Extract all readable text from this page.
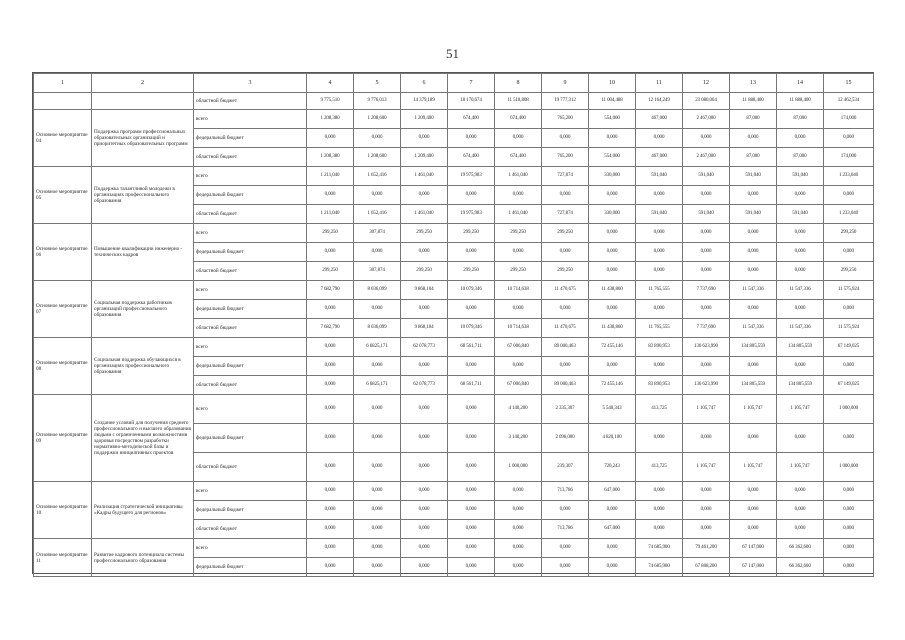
51
1	2	3	4	5	6	7	8	9	10	11	12	13	14	15
		областной бюджет	9 775,510	9 776,013	14 379,189	18 170,674	11 518,808	19 777,312	11 004,488	12 164,249	23 080,064	11 888,400	11 888,400	12 462,534
Основное мероприятие 04	Поддержка программ профессиональных образовательных организаций и приоритетных образовательных программ	всего	1 208,380	1 208,600	1 209,400	674,400	674,400	765,200	554,000	467,000	2 467,000	87,000	87,000	174,000
		федеральный бюджет	0,000	0,000	0,000	0,000	0,000	0,000	0,000	0,000	0,000	0,000	0,000	0,000
		областной бюджет	1 208,380	1 208,600	1 209,400	674,400	674,400	765,200	554,000	467,000	2 467,000	87,000	87,000	174,000
Основное мероприятие 05	Поддержка талантливой молодежи в организациях профессионального образования	всего	1 211,040	1 652,416	1 461,040	19 975,983	1 461,040	727,874	330,000	591,040	591,040	591,040	591,040	1 233,040
		федеральный бюджет	0,000	0,000	0,000	0,000	0,000	0,000	0,000	0,000	0,000	0,000	0,000	0,000
		областной бюджет	1 211,040	1 652,416	1 461,040	19 975,983	1 461,040	727,874	330,000	591,040	591,040	591,040	591,040	1 233,040
Основное мероприятие 06	Повышение квалификации инженерно - технических кадров	всего	299,250	307,874	299,250	299,250	299,250	299,250	0,000	0,000	0,000	0,000	0,000	299,250
		федеральный бюджет	0,000	0,000	0,000	0,000	0,000	0,000	0,000	0,000	0,000	0,000	0,000	0,000
		областной бюджет	299,250	307,874	299,250	299,250	299,250	299,250	0,000	0,000	0,000	0,000	0,000	299,250
Основное мероприятие 07	Социальная поддержка работников организаций профессионального образования	всего	7 682,790	8 036,099	9 868,104	10 079,346	10 714,638	11 470,675	11 438,860	11 765,555	7 737,690	11 547,336	11 547,336	11 575,924
		федеральный бюджет	0,000	0,000	0,000	0,000	0,000	0,000	0,000	0,000	0,000	0,000	0,000	0,000
		областной бюджет	7 682,790	8 036,099	9 868,104	10 079,346	10 714,638	11 470,675	11 438,860	11 765,555	7 737,690	11 547,336	11 547,336	11 575,924
Основное мероприятие 08	Социальная поддержка обучающихся в организациях профессионального образования	всего	0,000	6 6825,171	62 078,773	68 561,711	67 006,840	89 000,463	72 455,146	83 890,953	136 623,990	134 805,559	134 805,559	67 149,025
		федеральный бюджет	0,000	0,000	0,000	0,000	0,000	0,000	0,000	0,000	0,000	0,000	0,000	0,000
		областной бюджет	0,000	6 6825,171	62 078,773	68 561,711	67 006,840	89 000,463	72 455,146	83 890,953	136 623,990	134 805,559	134 805,559	67 149,025
Основное мероприятие 09	Создание условий для получения среднего профессионального и высшего образования людьми с ограниченными возможностями здоровья посредством разработки нормативно-методической базы и поддержки инициативных проектов	всего	0,000	0,000	0,000	0,000	4 140,200	2 335,307	5 540,343	413,725	1 105,747	1 105,747	1 105,747	1 000,000
		федеральный бюджет	0,000	0,000	0,000	0,000	3 140,200	2 096,000	4 820,100	0,000	0,000	0,000	0,000	0,000
		областной бюджет	0,000	0,000	0,000	0,000	1 000,000	239,307	720,243	413,725	1 105,747	1 105,747	1 105,747	1 000,000
Основное мероприятие 10	Реализация стратегической инициативы «Кадры будущего для регионов»	всего	0,000	0,000	0,000	0,000	0,000	713,786	647,000	0,000	0,000	0,000	0,000	0,000
		федеральный бюджет	0,000	0,000	0,000	0,000	0,000	0,000	0,000	0,000	0,000	0,000	0,000	0,000
		областной бюджет	0,000	0,000	0,000	0,000	0,000	713,786	647,000	0,000	0,000	0,000	0,000	0,000
Основное мероприятие 11	Развитие кадрового потенциала системы профессионального образования	всего	0,000	0,000	0,000	0,000	0,000	0,000	0,000	74 685,900	79 461,200	67 147,000	66 362,600	0,000
		федеральный бюджет	0,000	0,000	0,000	0,000	0,000	0,000	0,000	74 685,900	67 808,200	67 147,000	66 362,600	0,000
